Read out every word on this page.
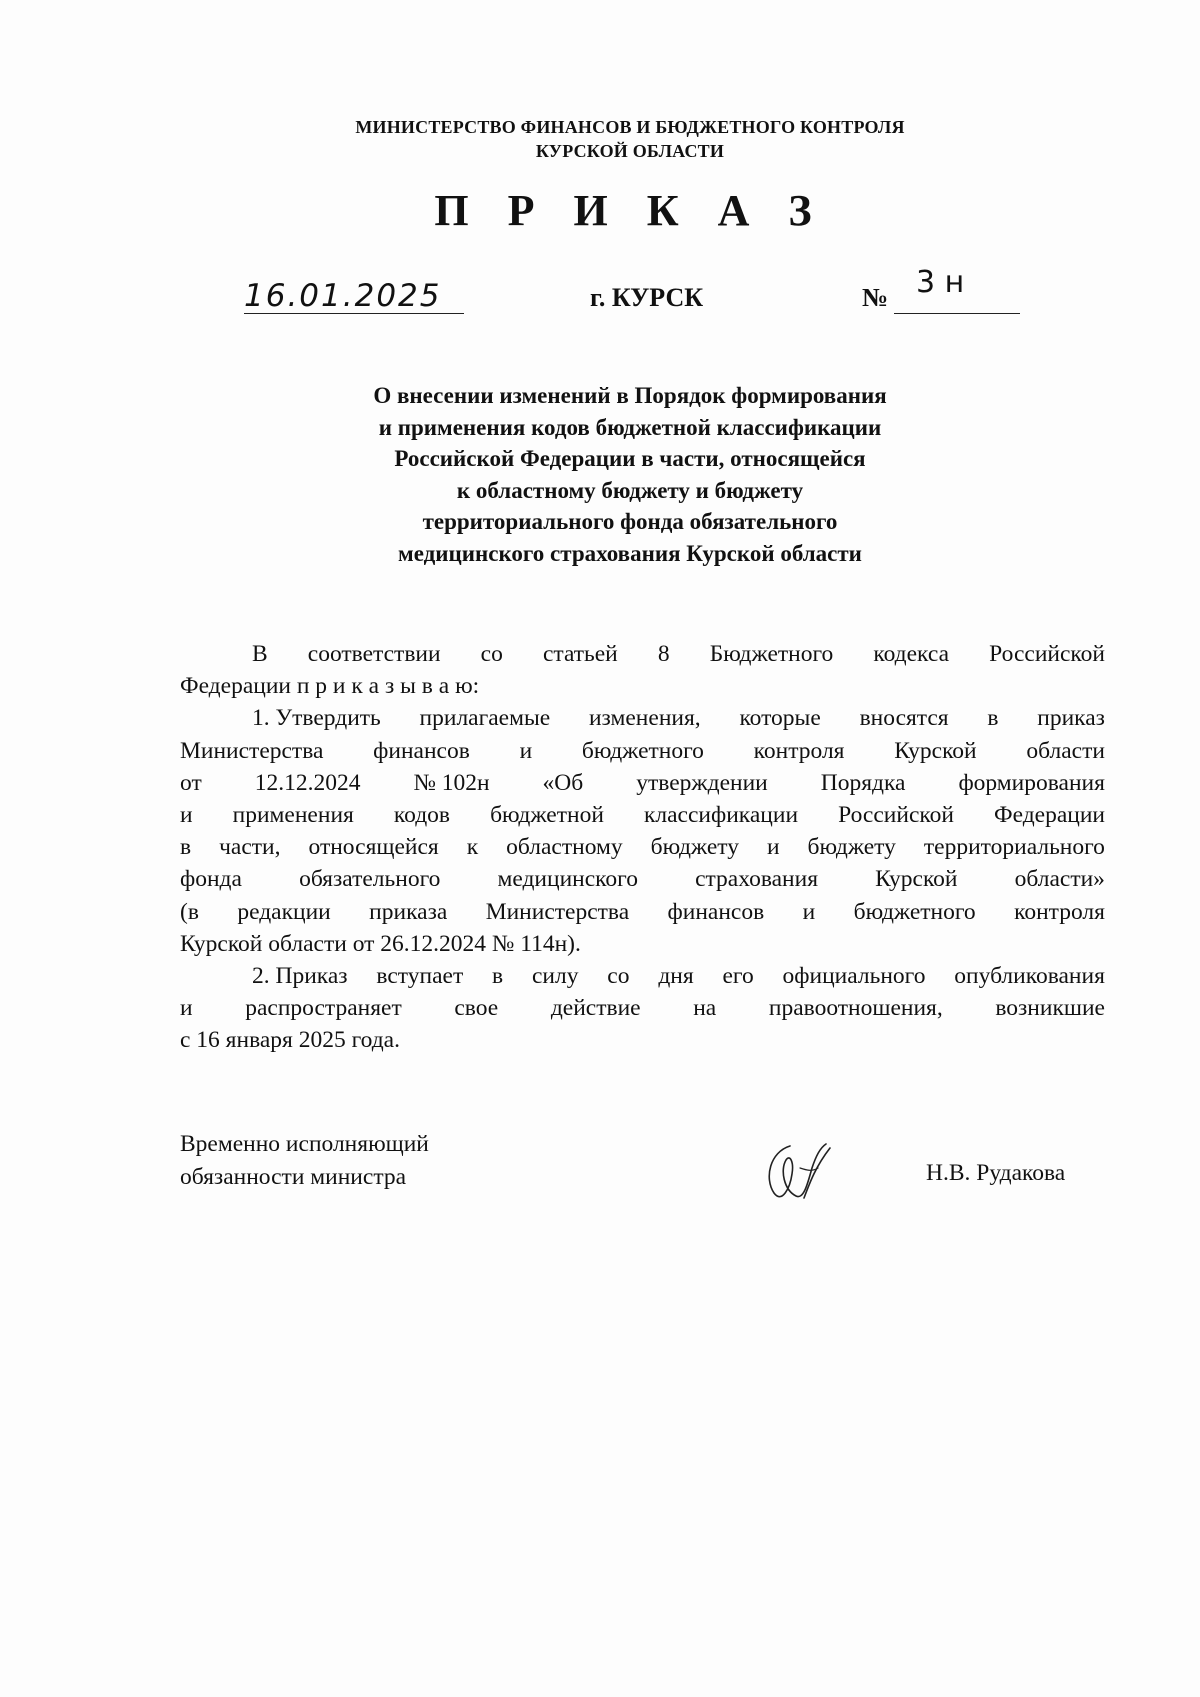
МИНИСТЕРСТВО ФИНАНСОВ И БЮДЖЕТНОГО КОНТРОЛЯ
КУРСКОЙ ОБЛАСТИ
П Р И К А З
16.01.2025	г. КУРСК	№ 3 н
О внесении изменений в Порядок формирования
и применения кодов бюджетной классификации
Российской Федерации в части, относящейся
к областному бюджету и бюджету
территориального фонда обязательного
медицинского страхования Курской области
В соответствии со статьей 8 Бюджетного кодекса Российской
Федерации п р и к а з ы в а ю:
1. Утвердить прилагаемые изменения, которые вносятся в приказ
Министерства финансов и бюджетного контроля Курской области
от 12.12.2024 № 102н «Об утверждении Порядка формирования
и применения кодов бюджетной классификации Российской Федерации
в части, относящейся к областному бюджету и бюджету территориального
фонда обязательного медицинского страхования Курской области»
(в редакции приказа Министерства финансов и бюджетного контроля
Курской области от 26.12.2024 № 114н).
2. Приказ вступает в силу со дня его официального опубликования
и распространяет свое действие на правоотношения, возникшие
с 16 января 2025 года.
Временно исполняющий
обязанности министра	Н.В. Рудакова
